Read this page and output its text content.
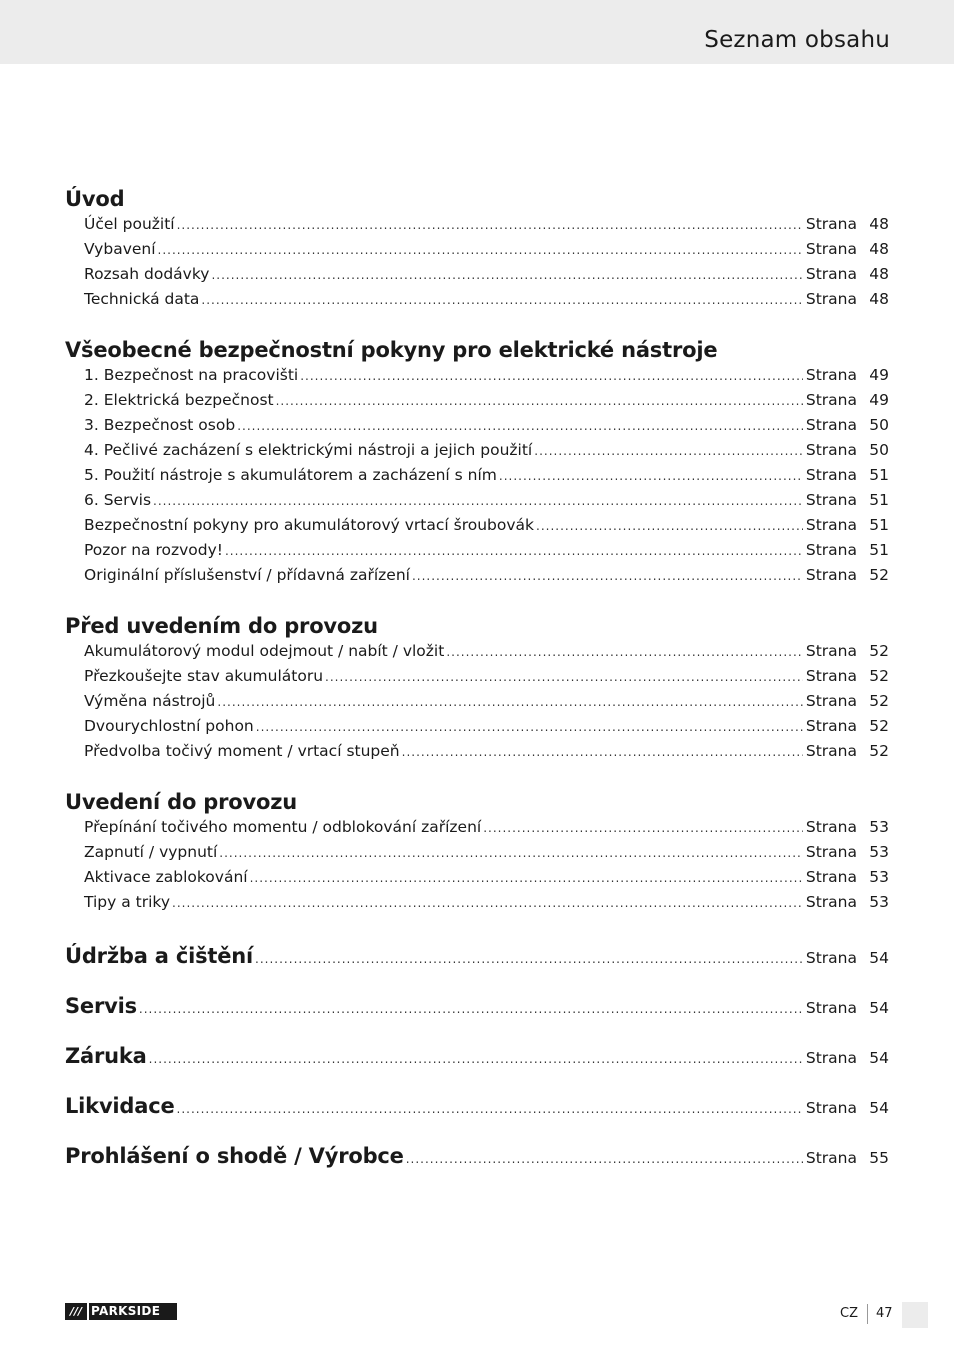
Seznam obsahu
Úvod
Účel použití .....	Strana 48
Vybavení .....	Strana 48
Rozsah dodávky .....	Strana 48
Technická data .....	Strana 48
Všeobecné bezpečnostní pokyny pro elektrické nástroje
1. Bezpečnost na pracovišti .....	Strana 49
2. Elektrická bezpečnost .....	Strana 49
3. Bezpečnost osob .....	Strana 50
4. Pečlivé zacházení s elektrickými nástroji a jejich použití .....	Strana 50
5. Použití nástroje s akumulátorem a zacházení s ním .....	Strana 51
6. Servis .....	Strana 51
Bezpečnostní pokyny pro akumulátorový vrtací šroubovák .....	Strana 51
Pozor na rozvody! .....	Strana 51
Originální příslušenství / přídavná zařízení .....	Strana 52
Před uvedením do provozu
Akumulátorový modul odejmout / nabít / vložit .....	Strana 52
Přezkoušejte stav akumulátoru .....	Strana 52
Výměna nástrojů .....	Strana 52
Dvourychlostní pohon .....	Strana 52
Předvolba točivý moment / vrtací stupeň .....	Strana 52
Uvedení do provozu
Přepínání točivého momentu / odblokování zařízení .....	Strana 53
Zapnutí / vypnutí .....	Strana 53
Aktivace zablokování .....	Strana 53
Tipy a triky .....	Strana 53
Údržba a čištění .....	Strana 54
Servis .....	Strana 54
Záruka .....	Strana 54
Likvidace .....	Strana 54
Prohlášení o shodě / Výrobce .....	Strana 55
/// PARKSIDE	CZ 47
